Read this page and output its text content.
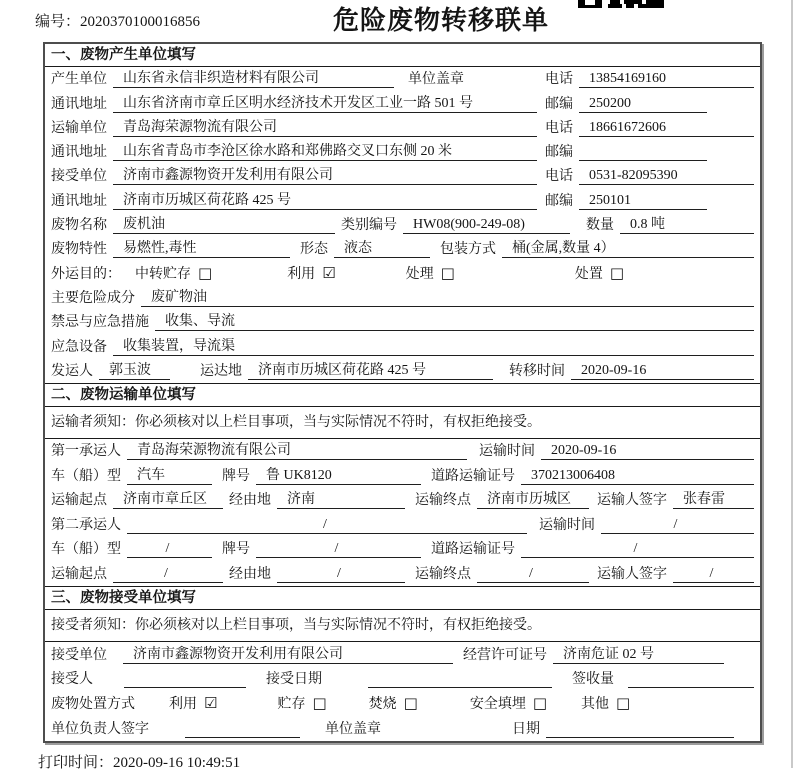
编号：2020370100016856	危险废物转移联单
一、废物产生单位填写
产生单位	山东省永信非织造材料有限公司	单位盖章	电话	13854169160
通讯地址	山东省济南市章丘区明水经济技术开发区工业一路 501 号	邮编	250200
运输单位	青岛海荣源物流有限公司	电话	18661672606
通讯地址	山东省青岛市李沧区徐水路和郑佛路交叉口东侧 20 米	邮编
接受单位	济南市鑫源物资开发利用有限公司	电话	0531-82095390
通讯地址	济南市历城区荷花路 425 号	邮编	250101
废物名称	废机油	类别编号	HW08(900-249-08)	数量	0.8 吨
废物特性	易燃性,毒性	形态	液态	包装方式	桶(金属,数量 4）
外运目的： 中转贮存 □	利用 ☑	处理 □	处置 □
主要危险成分	废矿物油
禁忌与应急措施	收集、导流
应急设备	收集装置，导流渠
发运人	郭玉波	运达地	济南市历城区荷花路 425 号	转移时间	2020-09-16
二、废物运输单位填写
运输者须知：你必须核对以上栏目事项，当与实际情况不符时，有权拒绝接受。
第一承运人	青岛海荣源物流有限公司	运输时间	2020-09-16
车（船）型	汽车	牌号	鲁 UK8120	道路运输证号	370213006408
运输起点	济南市章丘区	经由地	济南	运输终点	济南市历城区	运输人签字	张春雷
第二承运人	/	运输时间	/
车（船）型	/	牌号	/	道路运输证号	/
运输起点	/	经由地	/	运输终点	/	运输人签字	/
三、废物接受单位填写
接受者须知：你必须核对以上栏目事项，当与实际情况不符时，有权拒绝接受。
接受单位	济南市鑫源物资开发利用有限公司	经营许可证号	济南危证 02 号
接受人	接受日期	签收量
废物处置方式 利用 ☑	贮存 □	焚烧 □	安全填埋 □ 其他 □
单位负责人签字	单位盖章	日期
打印时间：2020-09-16 10:49:51
